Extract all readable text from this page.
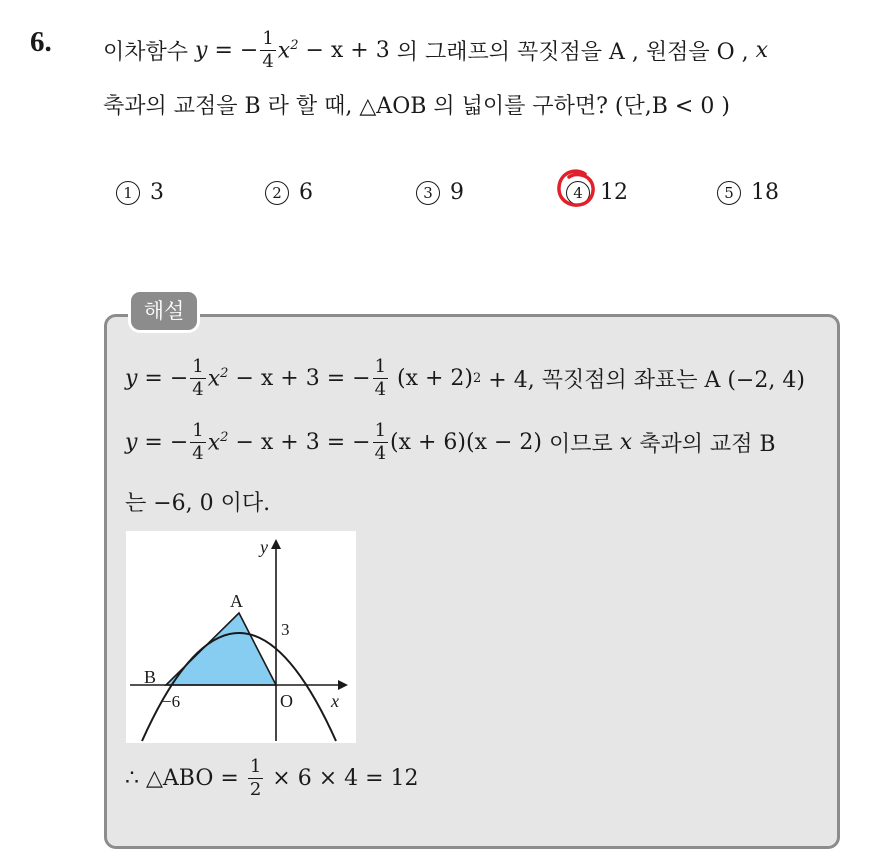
6. 이차함수
y = − $\frac{1}{4} x^2$
− x + 3
의 그래프의 꼭짓점을 A , 원점을 O ,
x
축과의 교점을 B 라 할 때, △AOB 의 넓이를 구하면? (단,B < 0 )
1 3	2 6	3 9	4 12	5 18
해설
y = − $\frac{1}{4} x^2$
− x + 3 = − $\frac{1}{4}$
(x + 2) 2
+ 4, 꼭짓점의 좌표는 A (−2, 4)
y = − $\frac{1}{4} x^2$
− x + 3 = − $\frac{1}{4} (x + 6)(x - 2)$
이므로
x
축과의 교점 B
는 −6, 0 이다.
y
x
A
B
O
3
−6
∴ △ABO =
$\frac{1}{2}$
× 6 × 4 = 12
